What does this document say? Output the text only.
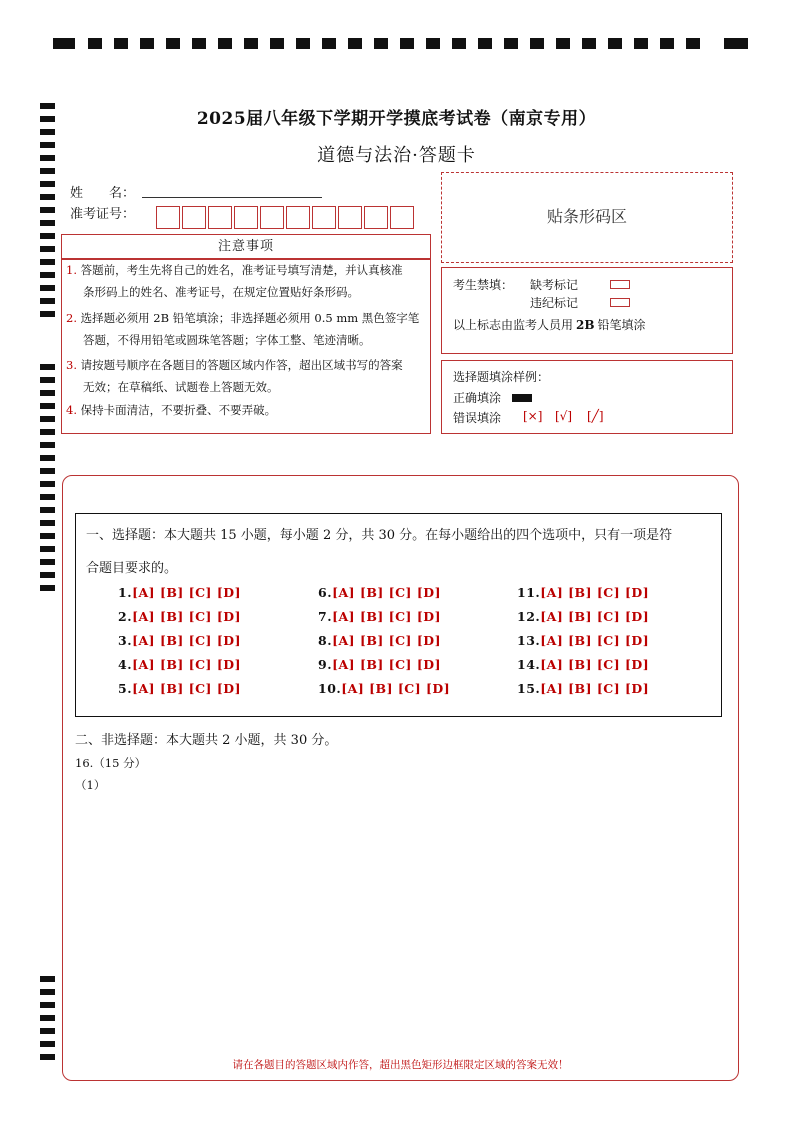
2025届八年级下学期开学摸底考试卷（南京专用）
道德与法治·答题卡
姓　　名：
准考证号：	贴条形码区
注意事项
1. 答题前，考生先将自己的姓名，准考证号填写清楚，并认真核准
条形码上的姓名、准考证号，在规定位置贴好条形码。
2. 选择题必须用 2B 铅笔填涂；非选择题必须用 0.5 mm 黑色签字笔
答题，不得用铅笔或圆珠笔答题；字体工整、笔迹清晰。
3. 请按题号顺序在各题目的答题区域内作答，超出区域书写的答案
无效；在草稿纸、试题卷上答题无效。
4. 保持卡面清洁，不要折叠、不要弄破。
考生禁填： 缺考标记
违纪标记
以上标志由监考人员用 2B 铅笔填涂
选择题填涂样例：
正确填涂
错误填涂 [×] [√] [╱]
一、选择题：本大题共 15 小题，每小题 2 分，共 30 分。在每小题给出的四个选项中，只有一项是符
合题目要求的。
1.[A] [B] [C] [D]
2.[A] [B] [C] [D]
3.[A] [B] [C] [D]
4.[A] [B] [C] [D]
5.[A] [B] [C] [D]
6.[A] [B] [C] [D]
7.[A] [B] [C] [D]
8.[A] [B] [C] [D]
9.[A] [B] [C] [D]
10.[A] [B] [C] [D]
11.[A] [B] [C] [D]
12.[A] [B] [C] [D]
13.[A] [B] [C] [D]
14.[A] [B] [C] [D]
15.[A] [B] [C] [D]
二、非选择题：本大题共 2 小题，共 30 分。
16.（15 分）
（1）
请在各题目的答题区域内作答，超出黑色矩形边框限定区域的答案无效！
